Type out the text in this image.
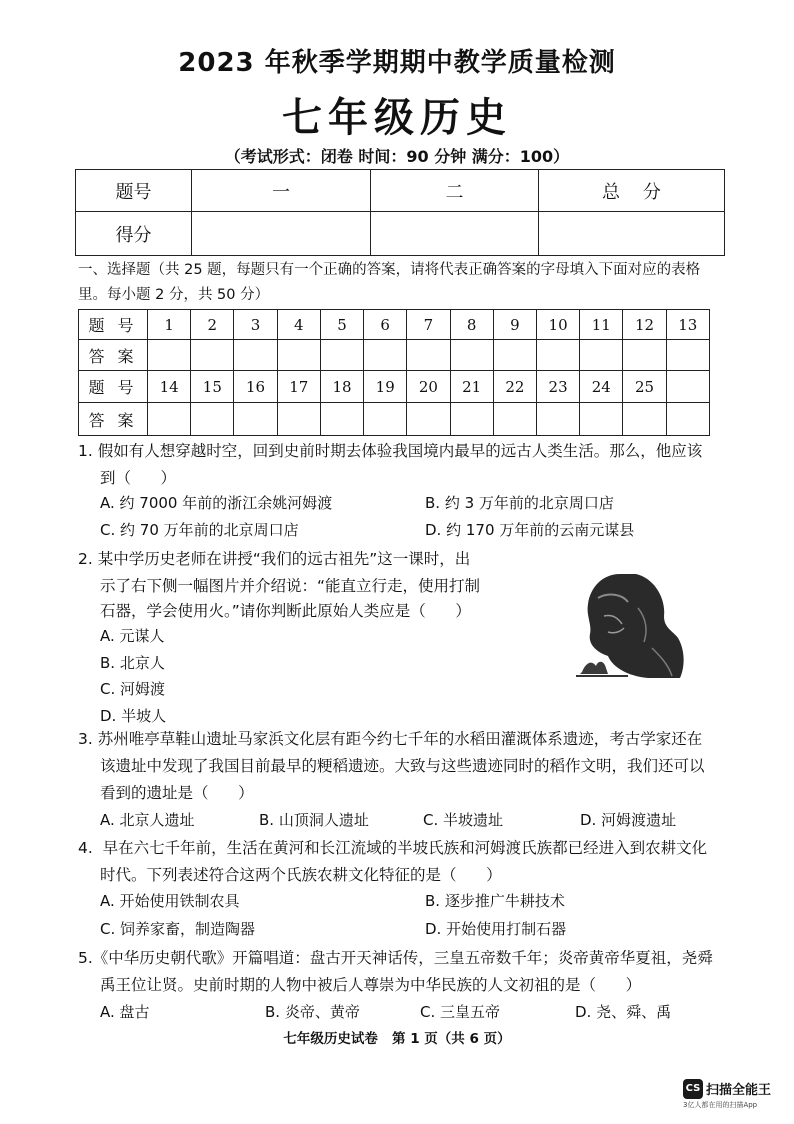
2023 年秋季学期期中教学质量检测
七年级历史
（考试形式：闭卷 时间：90 分钟 满分：100）
题号	一	二	总    分
得分			
一、选择题（共 25 题，每题只有一个正确的答案，请将代表正确答案的字母填入下面对应的表格里。每小题 2 分，共 50 分）
题 号	1	2	3	4	5	6	7	8	9	10	11	12	13
答 案													
题 号	14	15	16	17	18	19	20	21	22	23	24	25	
答 案													
1. 假如有人想穿越时空，回到史前时期去体验我国境内最早的远古人类生活。那么，他应该
到（      ）
A. 约 7000 年前的浙江余姚河姆渡	B. 约 3 万年前的北京周口店
C. 约 70 万年前的北京周口店	D. 约 170 万年前的云南元谋县
2. 某中学历史老师在讲授“我们的远古祖先”这一课时，出
示了右下侧一幅图片并介绍说：“能直立行走，使用打制
石器，学会使用火。”请你判断此原始人类应是（      ）
A. 元谋人
B. 北京人
C. 河姆渡
D. 半坡人
3. 苏州唯亭草鞋山遗址马家浜文化层有距今约七千年的水稻田灌溉体系遗迹，考古学家还在
该遗址中发现了我国目前最早的粳稻遗迹。大致与这些遗迹同时的稻作文明，我们还可以
看到的遗址是（      ）
A. 北京人遗址	B. 山顶洞人遗址	C. 半坡遗址	D. 河姆渡遗址
4.  早在六七千年前，生活在黄河和长江流域的半坡氏族和河姆渡氏族都已经进入到农耕文化
时代。下列表述符合这两个氏族农耕文化特征的是（      ）
A. 开始使用铁制农具	B. 逐步推广牛耕技术
C. 饲养家畜，制造陶器	D. 开始使用打制石器
5.《中华历史朝代歌》开篇唱道：盘古开天神话传，三皇五帝数千年；炎帝黄帝华夏祖，尧舜
禹王位让贤。史前时期的人物中被后人尊崇为中华民族的人文初祖的是（      ）
A. 盘古	B. 炎帝、黄帝	C. 三皇五帝	D. 尧、舜、禹
七年级历史试卷   第 1 页（共 6 页）
CS 扫描全能王
3亿人都在用的扫描App
